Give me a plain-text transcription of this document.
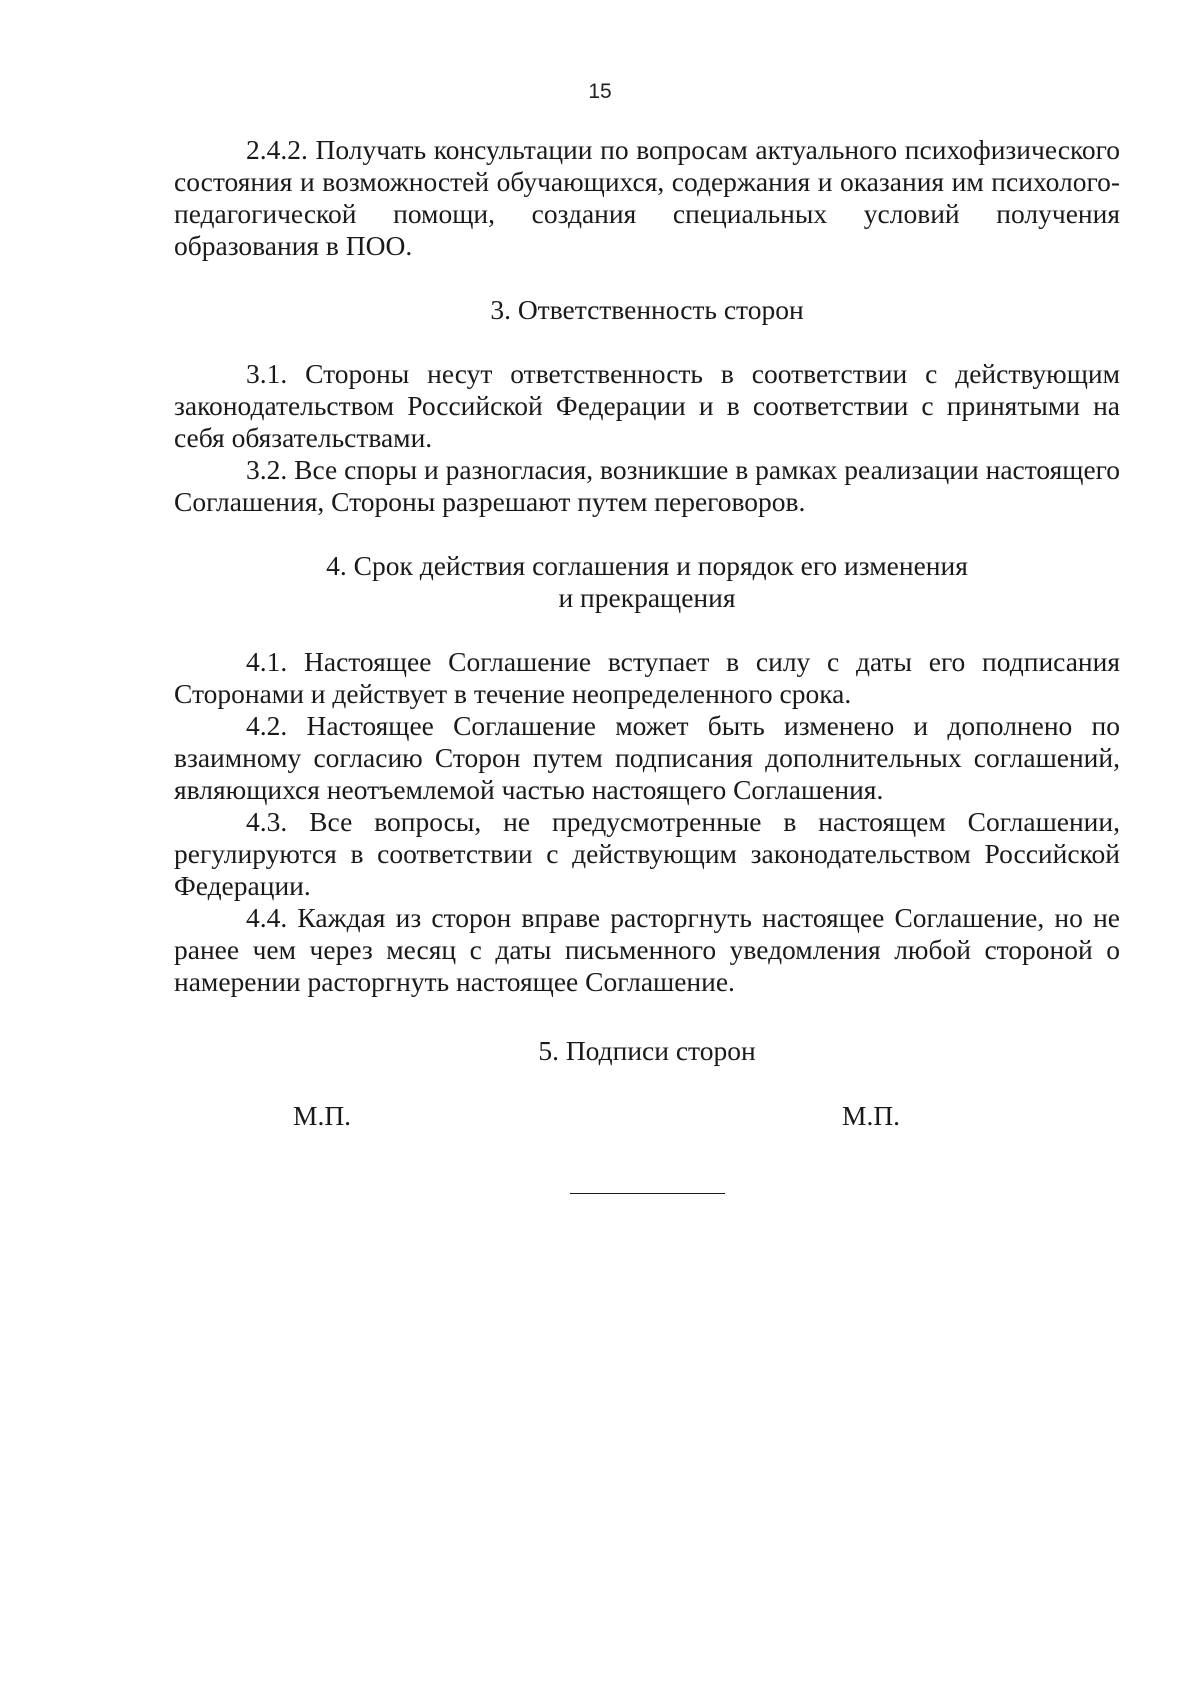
15

2.4.2. Получать консультации по вопросам актуального психофизического состояния и возможностей обучающихся, содержания и оказания им психолого-педагогической помощи, создания специальных условий получения образования в ПОО.

3. Ответственность сторон

3.1. Стороны несут ответственность в соответствии с действующим законодательством Российской Федерации и в соответствии с принятыми на себя обязательствами.

3.2. Все споры и разногласия, возникшие в рамках реализации настоящего Соглашения, Стороны разрешают путем переговоров.

4. Срок действия соглашения и порядок его изменения
и прекращения

4.1. Настоящее Соглашение вступает в силу с даты его подписания Сторонами и действует в течение неопределенного срока.

4.2. Настоящее Соглашение может быть изменено и дополнено по взаимному согласию Сторон путем подписания дополнительных соглашений, являющихся неотъемлемой частью настоящего Соглашения.

4.3. Все вопросы, не предусмотренные в настоящем Соглашении, регулируются в соответствии с действующим законодательством Российской Федерации.

4.4. Каждая из сторон вправе расторгнуть настоящее Соглашение, но не ранее чем через месяц с даты письменного уведомления любой стороной о намерении расторгнуть настоящее Соглашение.

5. Подписи сторон

М.П.	М.П.
